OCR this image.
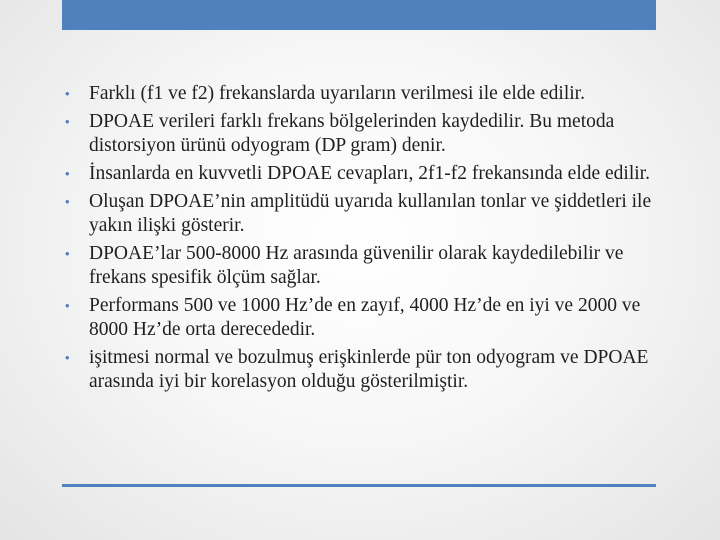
• Farklı (f1 ve f2) frekanslarda uyarıların verilmesi ile elde edilir.
• DPOAE verileri farklı frekans bölgelerinden kaydedilir. Bu metoda distorsiyon ürünü odyogram (DP gram) denir.
• İnsanlarda en kuvvetli DPOAE cevapları, 2f1-f2 frekansında elde edilir.
• Oluşan DPOAE’nin amplitüdü uyarıda kullanılan tonlar ve şiddetleri ile yakın ilişki gösterir.
• DPOAE’lar 500-8000 Hz arasında güvenilir olarak kaydedilebilir ve frekans spesifik ölçüm sağlar.
• Performans 500 ve 1000 Hz’de en zayıf, 4000 Hz’de en iyi ve 2000 ve 8000 Hz’de orta derecededir.
• işitmesi normal ve bozulmuş erişkinlerde pür ton odyogram ve DPOAE arasında iyi bir korelasyon olduğu gösterilmiştir.
